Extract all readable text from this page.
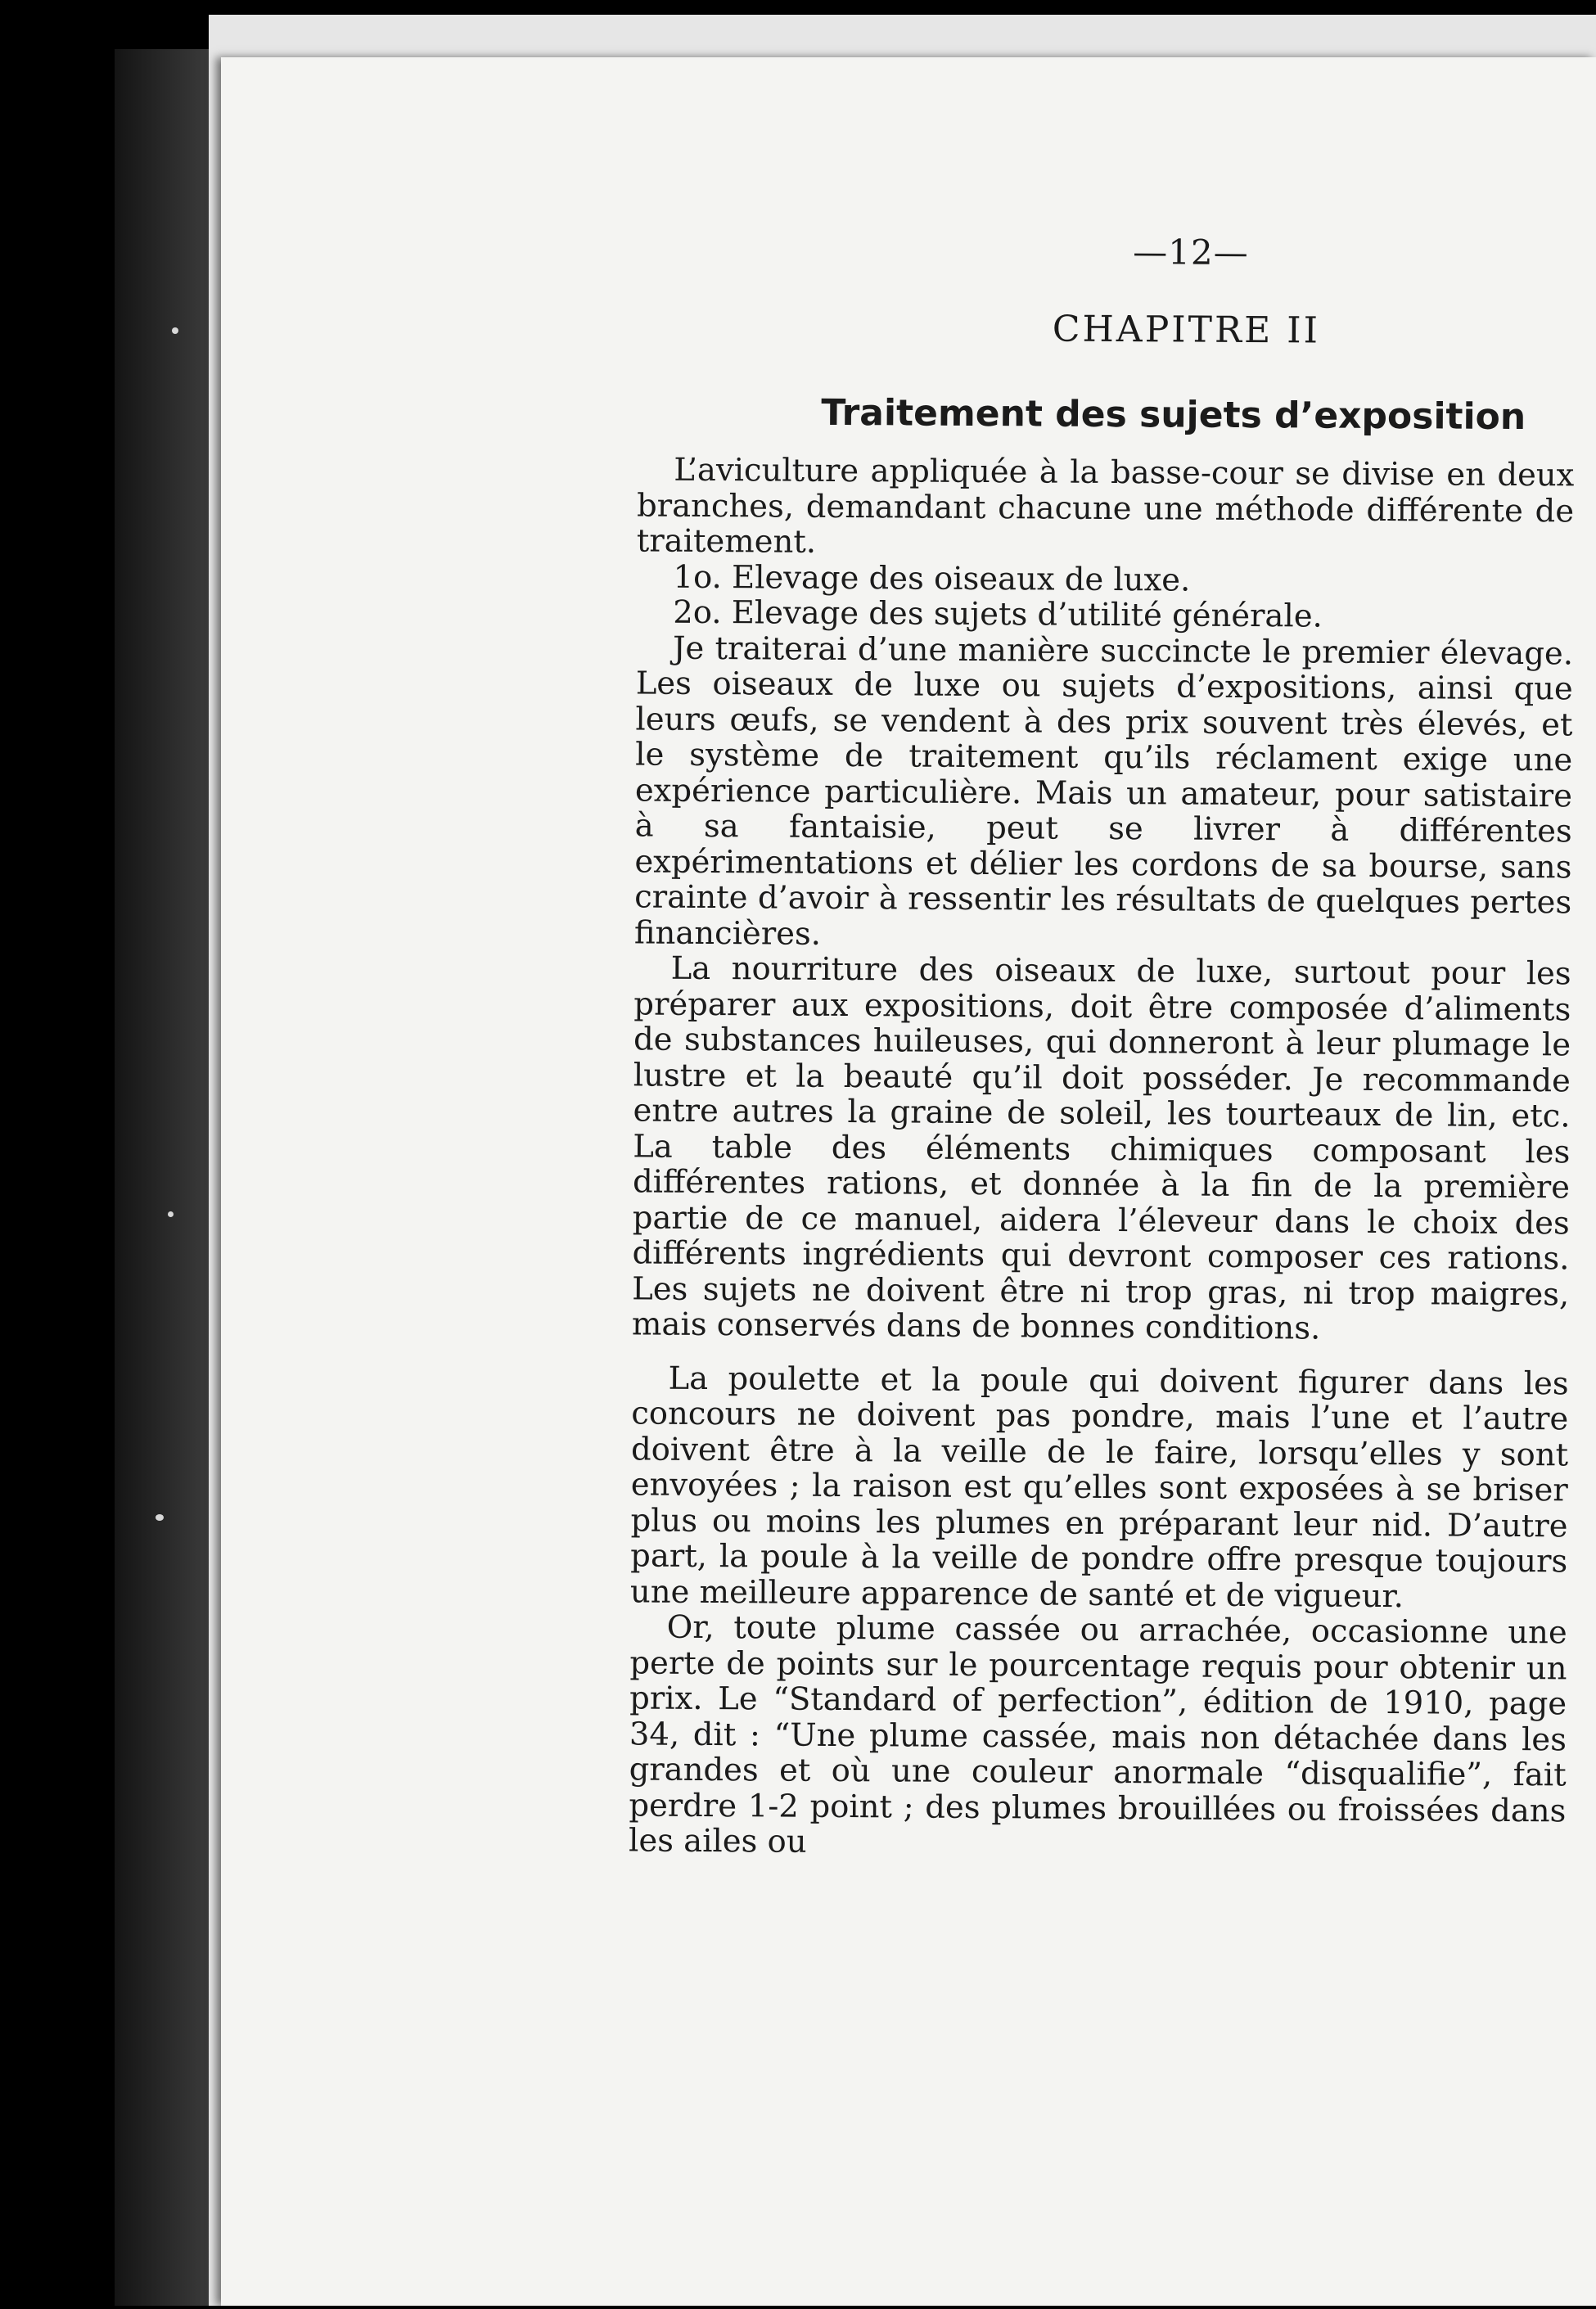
—12—
CHAPITRE II
Traitement des sujets d’exposition

L’aviculture appliquée à la basse-cour se divise en deux branches, demandant chacune une méthode différente de traitement.

1o. Elevage des oiseaux de luxe.

2o. Elevage des sujets d’utilité générale.

Je traiterai d’une manière succincte le premier élevage. Les oiseaux de luxe ou sujets d’expositions, ainsi que leurs œufs, se vendent à des prix souvent très élevés, et le système de traitement qu’ils réclament exige une expérience particulière. Mais un amateur, pour satistaire à sa fantaisie, peut se livrer à différentes expérimentations et délier les cordons de sa bourse, sans crainte d’avoir à ressentir les résultats de quelques pertes financières.

La nourriture des oiseaux de luxe, surtout pour les préparer aux expositions, doit être composée d’aliments de substances huileuses, qui donneront à leur plumage le lustre et la beauté qu’il doit posséder. Je recommande entre autres la graine de soleil, les tourteaux de lin, etc. La table des éléments chimiques composant les différentes rations, et donnée à la fin de la première partie de ce manuel, aidera l’éleveur dans le choix des différents ingrédients qui devront composer ces rations. Les sujets ne doivent être ni trop gras, ni trop maigres, mais conservés dans de bonnes conditions.

La poulette et la poule qui doivent figurer dans les concours ne doivent pas pondre, mais l’une et l’autre doivent être à la veille de le faire, lorsqu’elles y sont envoyées ; la raison est qu’elles sont exposées à se briser plus ou moins les plumes en préparant leur nid. D’autre part, la poule à la veille de pondre offre presque toujours une meilleure apparence de santé et de vigueur.

Or, toute plume cassée ou arrachée, occasionne une perte de points sur le pourcentage requis pour obtenir un prix. Le “Standard of perfection”, édition de 1910, page 34, dit : “Une plume cassée, mais non détachée dans les grandes et où une couleur anormale “disqualifie”, fait perdre 1-2 point ; des plumes brouillées ou froissées dans les ailes ou
